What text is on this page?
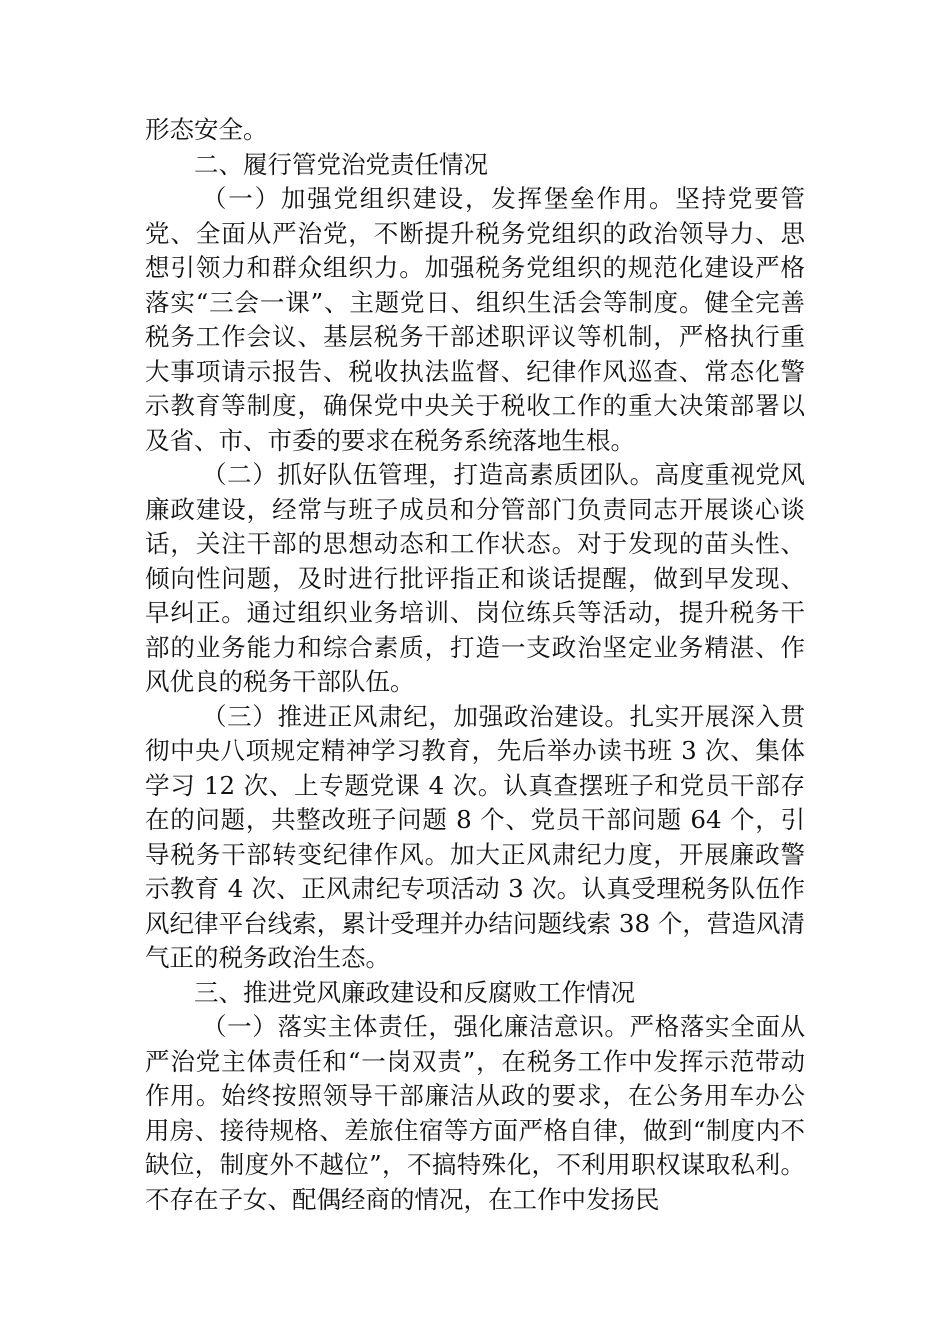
形态安全。

二、履行管党治党责任情况

（一）加强党组织建设，发挥堡垒作用。坚持党要管党、全面从严治党，不断提升税务党组织的政治领导力、思想引领力和群众组织力。加强税务党组织的规范化建设严格落实“三会一课”、主题党日、组织生活会等制度。健全完善税务工作会议、基层税务干部述职评议等机制，严格执行重大事项请示报告、税收执法监督、纪律作风巡查、常态化警示教育等制度，确保党中央关于税收工作的重大决策部署以及省、市、市委的要求在税务系统落地生根。

（二）抓好队伍管理，打造高素质团队。高度重视党风廉政建设，经常与班子成员和分管部门负责同志开展谈心谈话，关注干部的思想动态和工作状态。对于发现的苗头性、倾向性问题，及时进行批评指正和谈话提醒，做到早发现、早纠正。通过组织业务培训、岗位练兵等活动，提升税务干部的业务能力和综合素质，打造一支政治坚定业务精湛、作风优良的税务干部队伍。

（三）推进正风肃纪，加强政治建设。扎实开展深入贯彻中央八项规定精神学习教育，先后举办读书班 3 次、集体学习 12 次、上专题党课 4 次。认真查摆班子和党员干部存在的问题，共整改班子问题 8 个、党员干部问题 64 个，引导税务干部转变纪律作风。加大正风肃纪力度，开展廉政警示教育 4 次、正风肃纪专项活动 3 次。认真受理税务队伍作风纪律平台线索，累计受理并办结问题线索 38 个，营造风清气正的税务政治生态。

三、推进党风廉政建设和反腐败工作情况

（一）落实主体责任，强化廉洁意识。严格落实全面从严治党主体责任和“一岗双责”，在税务工作中发挥示范带动作用。始终按照领导干部廉洁从政的要求，在公务用车办公用房、接待规格、差旅住宿等方面严格自律，做到“制度内不缺位，制度外不越位”，不搞特殊化，不利用职权谋取私利。不存在子女、配偶经商的情况，在工作中发扬民
